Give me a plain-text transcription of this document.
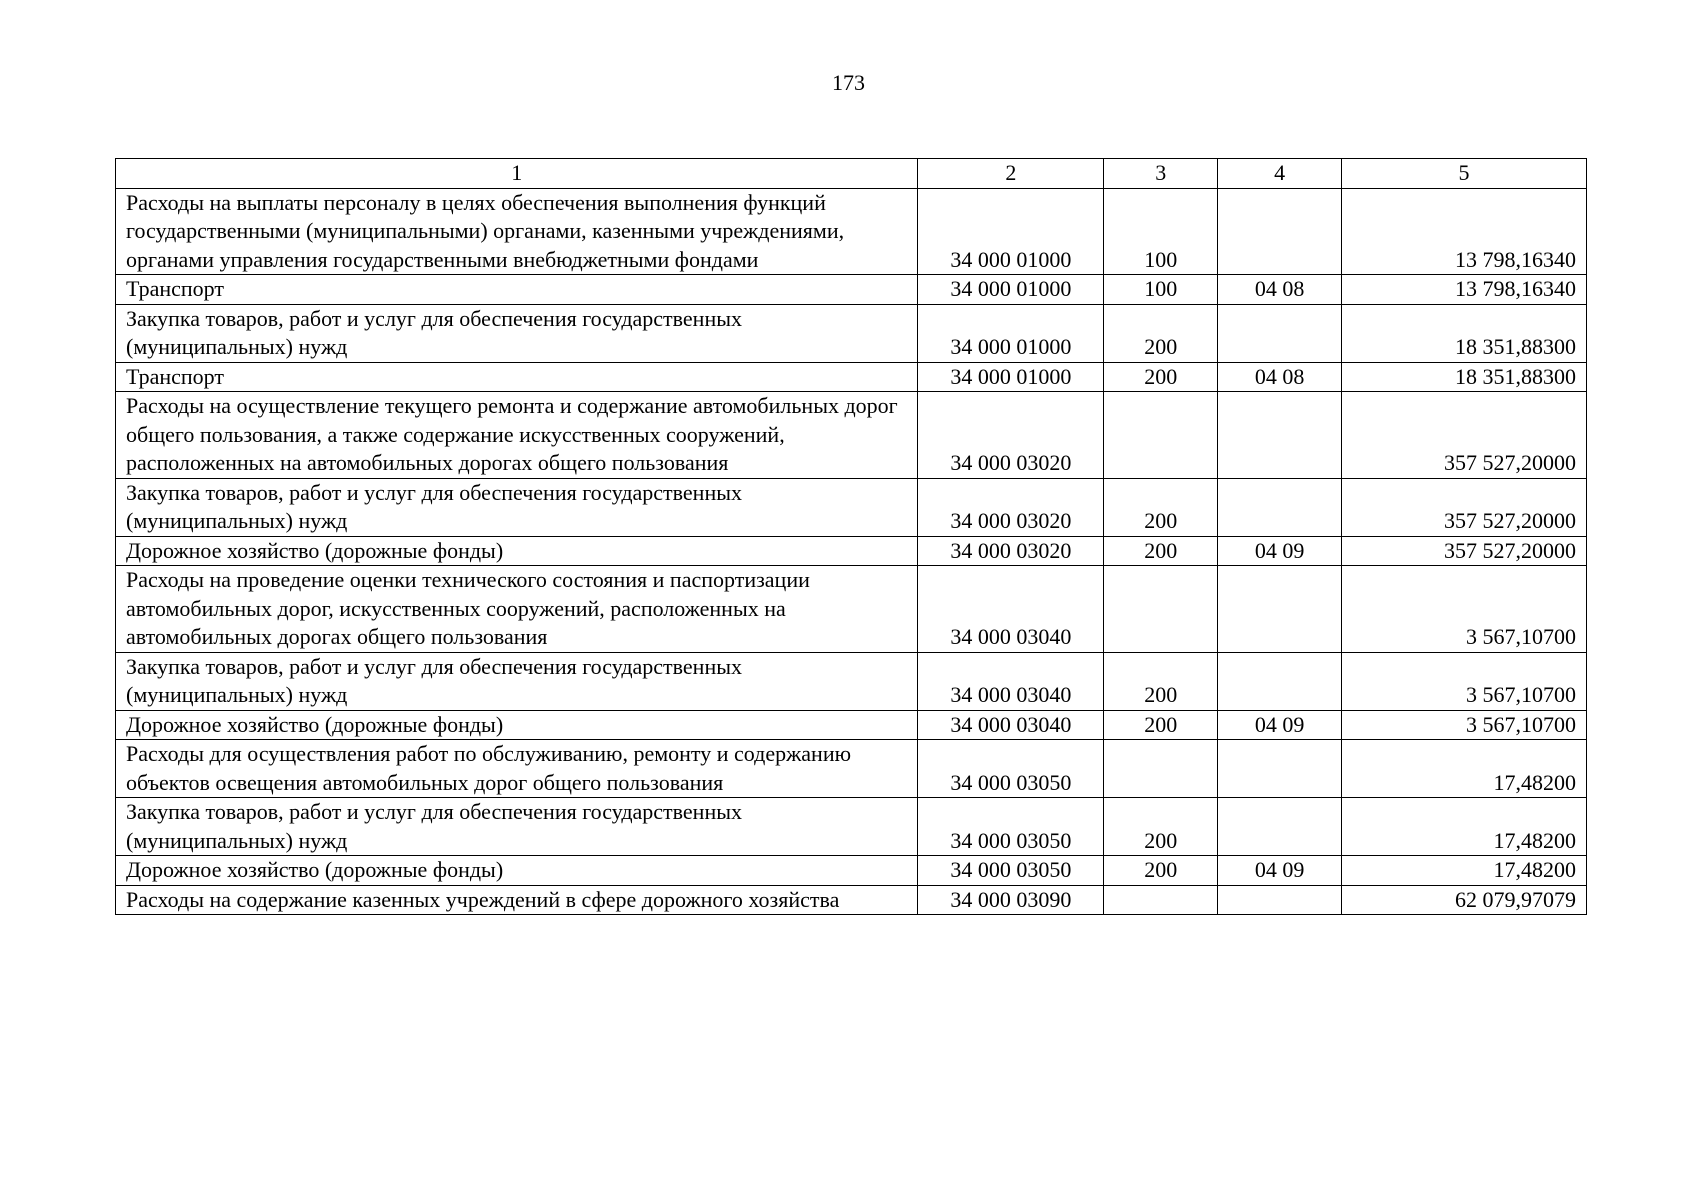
173
1	2	3	4	5
Расходы на выплаты персоналу в целях обеспечения выполнения функций государственными (муниципальными) органами, казенными учреждениями, органами управления государственными внебюджетными фондами	34 000 01000	100		13 798,16340
Транспорт	34 000 01000	100	04 08	13 798,16340
Закупка товаров, работ и услуг для обеспечения государственных (муниципальных) нужд	34 000 01000	200		18 351,88300
Транспорт	34 000 01000	200	04 08	18 351,88300
Расходы на осуществление текущего ремонта и содержание автомобильных дорог общего пользования, а также содержание искусственных сооружений, расположенных на автомобильных дорогах общего пользования	34 000 03020			357 527,20000
Закупка товаров, работ и услуг для обеспечения государственных (муниципальных) нужд	34 000 03020	200		357 527,20000
Дорожное хозяйство (дорожные фонды)	34 000 03020	200	04 09	357 527,20000
Расходы на проведение оценки технического состояния и паспортизации автомобильных дорог, искусственных сооружений, расположенных на автомобильных дорогах общего пользования	34 000 03040			3 567,10700
Закупка товаров, работ и услуг для обеспечения государственных (муниципальных) нужд	34 000 03040	200		3 567,10700
Дорожное хозяйство (дорожные фонды)	34 000 03040	200	04 09	3 567,10700
Расходы для осуществления работ по обслуживанию, ремонту и содержанию объектов освещения автомобильных дорог общего пользования	34 000 03050			17,48200
Закупка товаров, работ и услуг для обеспечения государственных (муниципальных) нужд	34 000 03050	200		17,48200
Дорожное хозяйство (дорожные фонды)	34 000 03050	200	04 09	17,48200
Расходы на содержание казенных учреждений в сфере дорожного хозяйства	34 000 03090			62 079,97079
